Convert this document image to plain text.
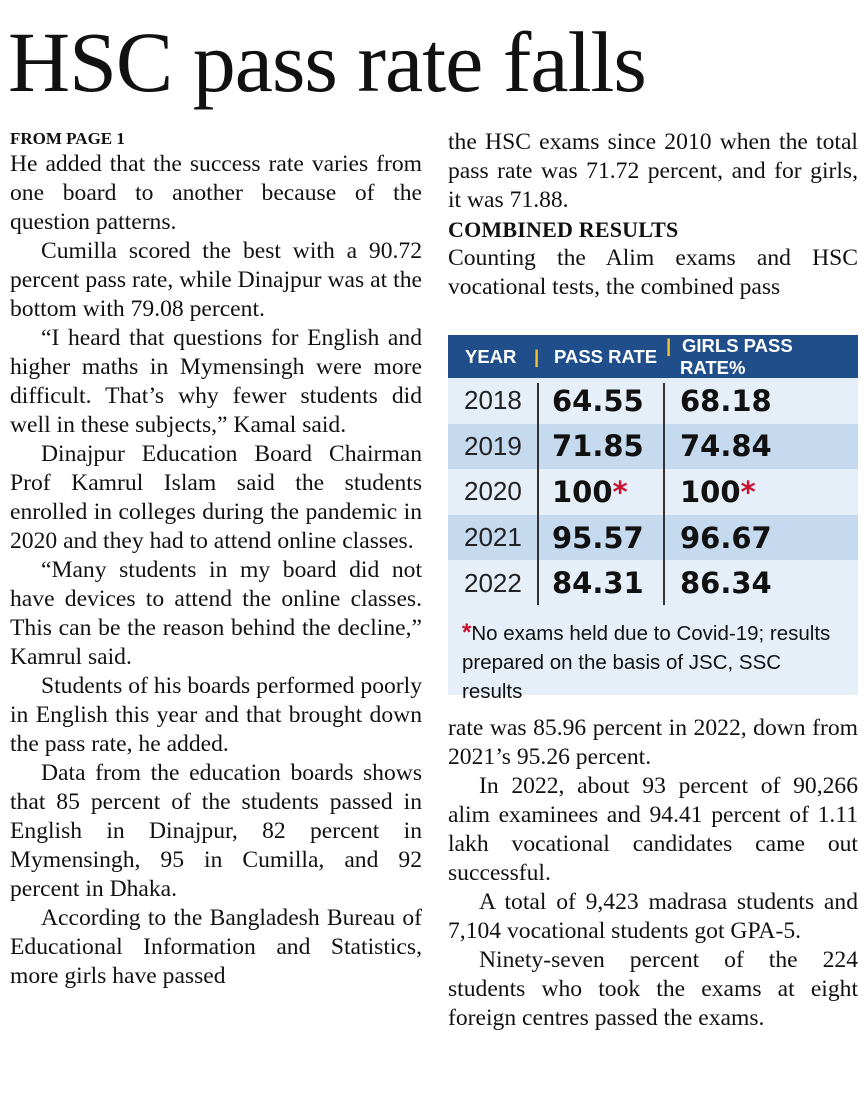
HSC pass rate falls
FROM PAGE 1

He added that the success rate varies from one board to another because of the question patterns.

Cumilla scored the best with a 90.72 percent pass rate, while Dinajpur was at the bottom with 79.08 percent.

“I heard that questions for English and higher maths in Mymensingh were more difficult. That’s why fewer students did well in these subjects,” Kamal said.

Dinajpur Education Board Chairman Prof Kamrul Islam said the students enrolled in colleges during the pandemic in 2020 and they had to attend online classes.

“Many students in my board did not have devices to attend the online classes. This can be the reason behind the decline,” Kamrul said.

Students of his boards performed poorly in English this year and that brought down the pass rate, he added.

Data from the education boards shows that 85 percent of the students passed in English in Dinajpur, 82 percent in Mymensingh, 95 in Cumilla, and 92 percent in Dhaka.

According to the Bangladesh Bureau of Educational Information and Statistics, more girls have passed

the HSC exams since 2010 when the total pass rate was 71.72 percent, and for girls, it was 71.88.

COMBINED RESULTS

Counting the Alim exams and HSC vocational tests, the combined pass

YEAR
|	PASS RATE
| GIRLS PASS RATE%
2018	64.55	68.18
2019	71.85	74.84
2020	100*	100*
2021	95.57	96.67
2022	84.31	86.34
*No exams held due to Covid-19; results prepared on the basis of JSC, SSC results

rate was 85.96 percent in 2022, down from 2021’s 95.26 percent.

In 2022, about 93 percent of 90,266 alim examinees and 94.41 percent of 1.11 lakh vocational candidates came out successful.

A total of 9,423 madrasa students and 7,104 vocational students got GPA-5.

Ninety-seven percent of the 224 students who took the exams at eight foreign centres passed the exams.
